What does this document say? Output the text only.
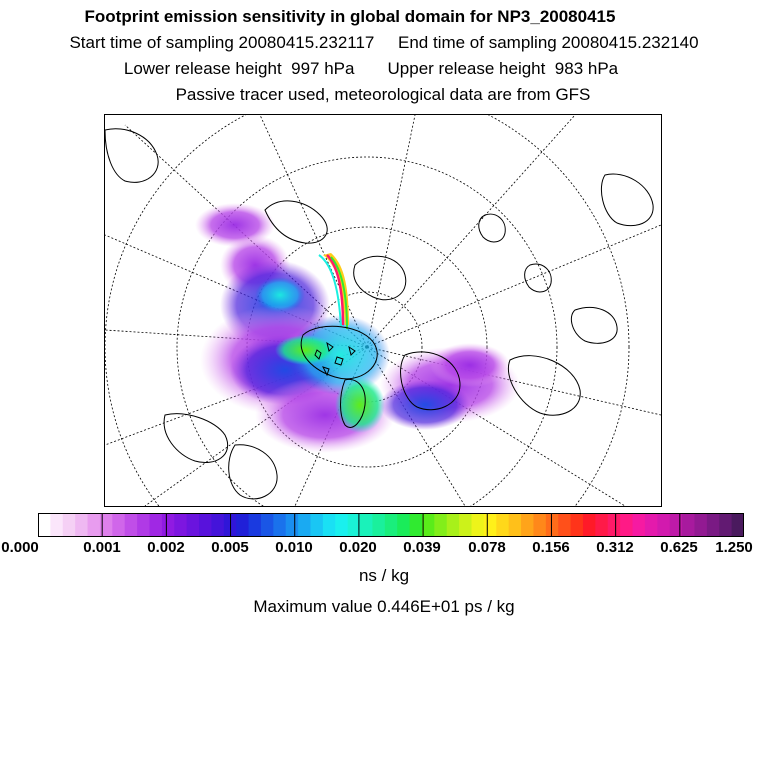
Footprint emission sensitivity in global domain for NP3_20080415
Start time of sampling 20080415.232117     End time of sampling 20080415.232140
Lower release height  997 hPa       Upper release height  983 hPa
Passive tracer used, meteorological data are from GFS
0.000	0.001 0.002 0.005 0.010 0.020 0.039 0.078 0.156 0.312 0.625 1.250
ns / kg
Maximum value 0.446E+01 ps / kg
